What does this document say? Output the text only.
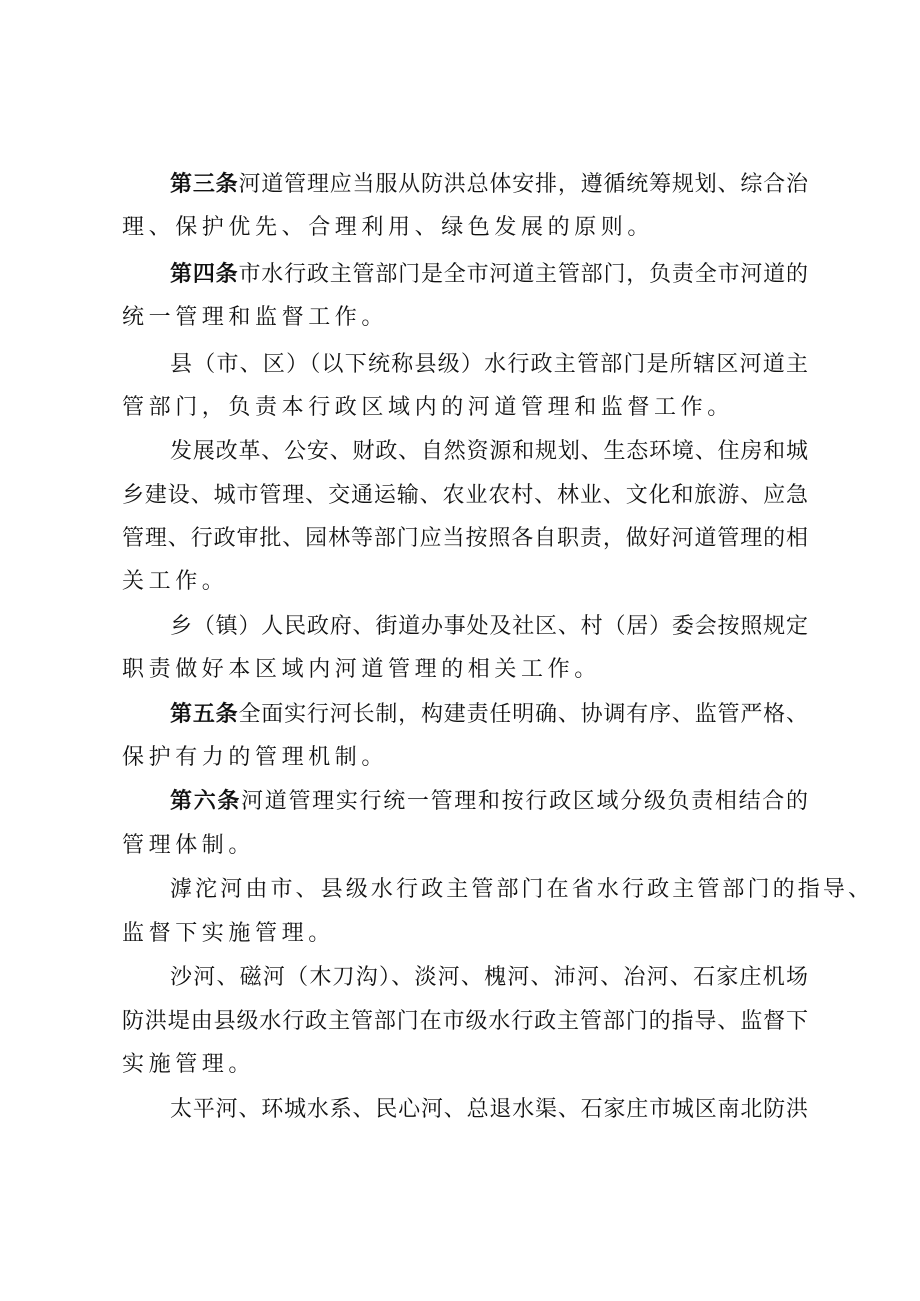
第三条河道管理应当服从防洪总体安排，遵循统筹规划、综合治
理、保护优先、合理利用、绿色发展的原则。
第四条市水行政主管部门是全市河道主管部门，负责全市河道的
统一管理和监督工作。
县（市、区）（以下统称县级）水行政主管部门是所辖区河道主
管部门，负责本行政区域内的河道管理和监督工作。
发展改革、公安、财政、自然资源和规划、生态环境、住房和城
乡建设、城市管理、交通运输、农业农村、林业、文化和旅游、应急
管理、行政审批、园林等部门应当按照各自职责，做好河道管理的相
关工作。
乡（镇）人民政府、街道办事处及社区、村（居）委会按照规定
职责做好本区域内河道管理的相关工作。
第五条全面实行河长制，构建责任明确、协调有序、监管严格、
保护有力的管理机制。
第六条河道管理实行统一管理和按行政区域分级负责相结合的
管理体制。
滹沱河由市、县级水行政主管部门在省水行政主管部门的指导、
监督下实施管理。
沙河、磁河（木刀沟）、淡河、槐河、沛河、冶河、石家庄机场
防洪堤由县级水行政主管部门在市级水行政主管部门的指导、监督下
实施管理。
太平河、环城水系、民心河、总退水渠、石家庄市城区南北防洪
